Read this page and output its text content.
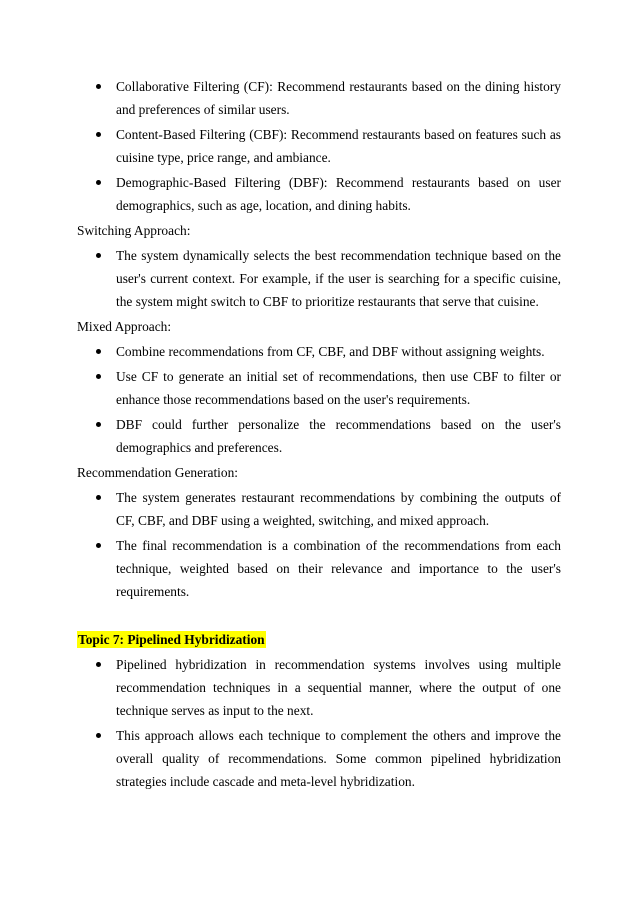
Collaborative Filtering (CF): Recommend restaurants based on the dining history and preferences of similar users.

Content-Based Filtering (CBF): Recommend restaurants based on features such as cuisine type, price range, and ambiance.

Demographic-Based Filtering (DBF): Recommend restaurants based on user demographics, such as age, location, and dining habits.

Switching Approach:

The system dynamically selects the best recommendation technique based on the user's current context. For example, if the user is searching for a specific cuisine, the system might switch to CBF to prioritize restaurants that serve that cuisine.

Mixed Approach:

Combine recommendations from CF, CBF, and DBF without assigning weights.

Use CF to generate an initial set of recommendations, then use CBF to filter or enhance those recommendations based on the user's requirements.

DBF could further personalize the recommendations based on the user's demographics and preferences.

Recommendation Generation:

The system generates restaurant recommendations by combining the outputs of CF, CBF, and DBF using a weighted, switching, and mixed approach.

The final recommendation is a combination of the recommendations from each technique, weighted based on their relevance and importance to the user's requirements.

Topic 7: Pipelined Hybridization

Pipelined hybridization in recommendation systems involves using multiple recommendation techniques in a sequential manner, where the output of one technique serves as input to the next.

This approach allows each technique to complement the others and improve the overall quality of recommendations. Some common pipelined hybridization strategies include cascade and meta-level hybridization.
